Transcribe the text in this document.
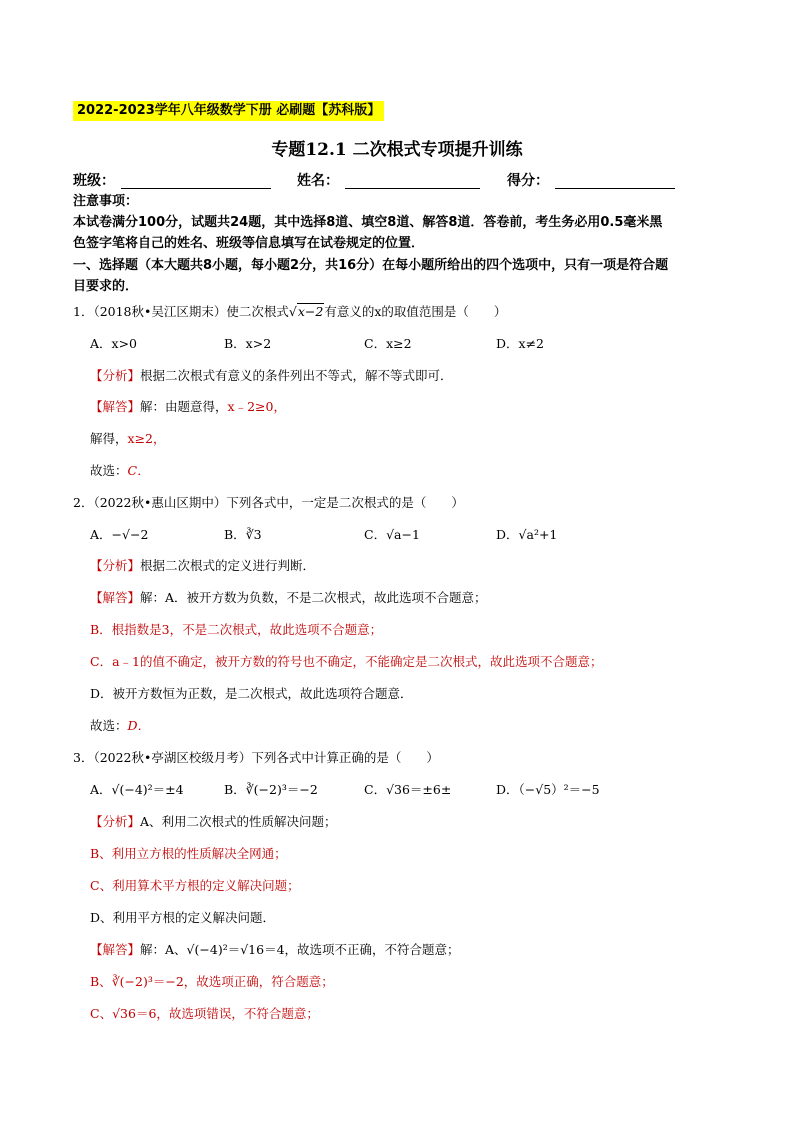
2022-2023学年八年级数学下册 必刷题【苏科版】
专题12.1 二次根式专项提升训练
班级：	姓名：	得分：
注意事项：
本试卷满分100分，试题共24题，其中选择8道、填空8道、解答8道．答卷前，考生务必用0.5毫米黑
色签字笔将自己的姓名、班级等信息填写在试卷规定的位置．
一、选择题（本大题共8小题，每小题2分，共16分）在每小题所给出的四个选项中，只有一项是符合题
目要求的．
1．（2018秋•吴江区期末）使二次根式√x−2有意义的x的取值范围是（　　）
A．x>0	B．x>2	C．x≥2	D．x≠2
【分析】根据二次根式有意义的条件列出不等式，解不等式即可．
【解答】解：由题意得，x﹣2≥0，
解得，x≥2，
故选：C．
2．（2022秋•惠山区期中）下列各式中，一定是二次根式的是（　　）
A．−√−2	B．∛3	C．√a−1	D．√a²+1
【分析】根据二次根式的定义进行判断．
【解答】解：A．被开方数为负数，不是二次根式，故此选项不合题意；
B．根指数是3，不是二次根式，故此选项不合题意；
C．a﹣1的值不确定，被开方数的符号也不确定，不能确定是二次根式，故此选项不合题意；
D．被开方数恒为正数，是二次根式，故此选项符合题意．
故选：D．
3．（2022秋•亭湖区校级月考）下列各式中计算正确的是（　　）
A．√(−4)²＝±4	B．∛(−2)³＝−2	C．√36＝±6±	D．（−√5）²＝−5
【分析】A、利用二次根式的性质解决问题；
B、利用立方根的性质解决全网通；
C、利用算术平方根的定义解决问题；
D、利用平方根的定义解决问题．
【解答】解：A、√(−4)²＝√16＝4，故选项不正确，不符合题意；
B、∛(−2)³＝−2，故选项正确，符合题意；
C、√36＝6，故选项错误，不符合题意；
